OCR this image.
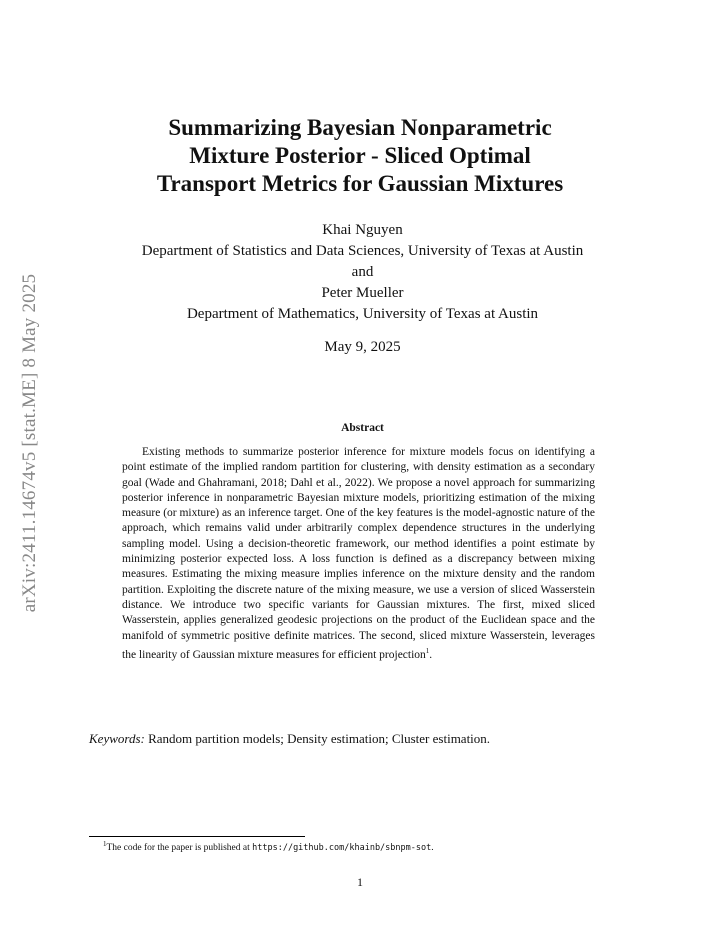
arXiv:2411.14674v5 [stat.ME] 8 May 2025
Summarizing Bayesian Nonparametric
Mixture Posterior - Sliced Optimal
Transport Metrics for Gaussian Mixtures
Khai Nguyen
Department of Statistics and Data Sciences, University of Texas at Austin
and
Peter Mueller
Department of Mathematics, University of Texas at Austin
May 9, 2025
Abstract
Existing methods to summarize posterior inference for mixture models focus on identifying a point estimate of the implied random partition for clustering, with density estimation as a secondary goal (Wade and Ghahramani, 2018; Dahl et al., 2022). We propose a novel approach for summarizing posterior inference in nonparametric Bayesian mixture models, prioritizing estimation of the mixing measure (or mixture) as an inference target. One of the key features is the model-agnostic nature of the approach, which remains valid under arbitrarily complex dependence structures in the underlying sampling model. Using a decision-theoretic framework, our method identifies a point estimate by minimizing posterior expected loss. A loss function is defined as a discrepancy between mixing measures. Estimating the mixing measure implies inference on the mixture density and the random partition. Exploiting the discrete nature of the mixing measure, we use a version of sliced Wasserstein distance. We introduce two specific variants for Gaussian mixtures. The first, mixed sliced Wasserstein, applies generalized geodesic projections on the product of the Euclidean space and the manifold of symmetric positive definite matrices. The second, sliced mixture Wasserstein, leverages the linearity of Gaussian mixture measures for efficient projection$^1$.
Keywords: Random partition models; Density estimation; Cluster estimation.
$^1$The code for the paper is published at https://github.com/khainb/sbnpm-sot.
1
